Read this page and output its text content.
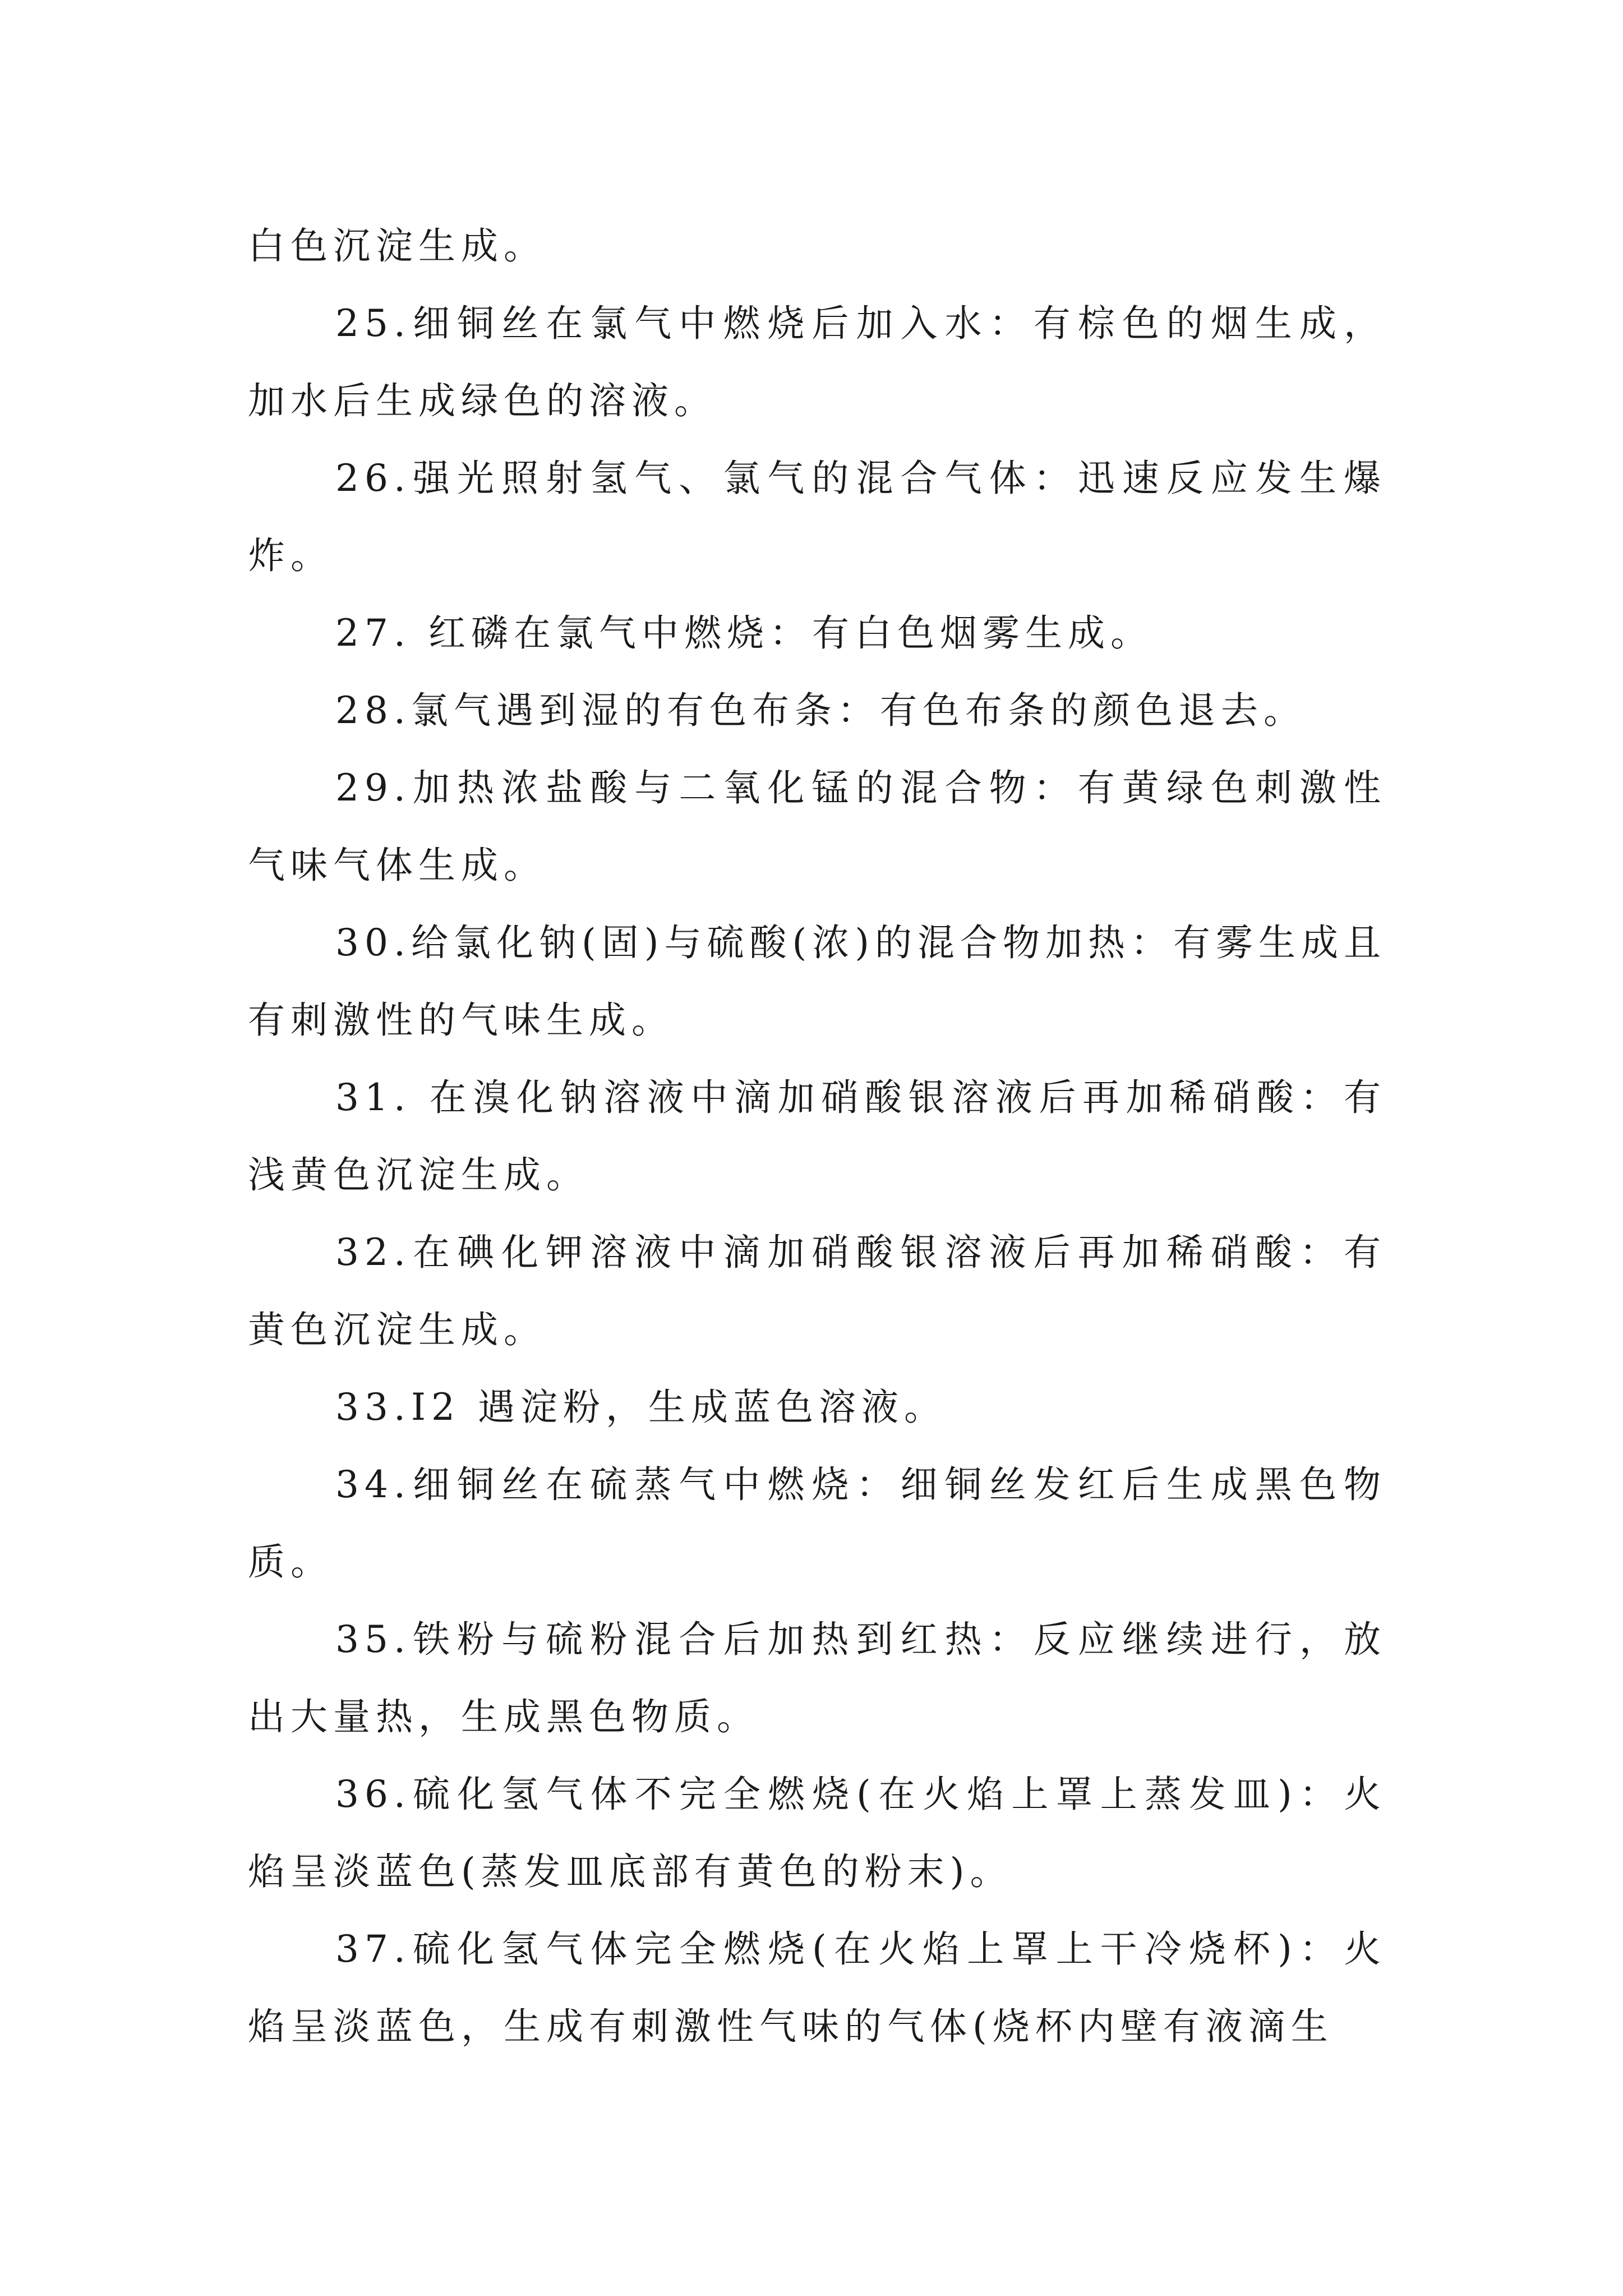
白色沉淀生成。

25.细铜丝在氯气中燃烧后加入水：有棕色的烟生成，加水后生成绿色的溶液。

26.强光照射氢气、氯气的混合气体：迅速反应发生爆炸。

27. 红磷在氯气中燃烧：有白色烟雾生成。

28.氯气遇到湿的有色布条：有色布条的颜色退去。

29.加热浓盐酸与二氧化锰的混合物：有黄绿色刺激性气味气体生成。

30.给氯化钠(固)与硫酸(浓)的混合物加热：有雾生成且有刺激性的气味生成。

31. 在溴化钠溶液中滴加硝酸银溶液后再加稀硝酸：有浅黄色沉淀生成。

32.在碘化钾溶液中滴加硝酸银溶液后再加稀硝酸：有黄色沉淀生成。

33.I2 遇淀粉，生成蓝色溶液。

34.细铜丝在硫蒸气中燃烧：细铜丝发红后生成黑色物质。

35.铁粉与硫粉混合后加热到红热：反应继续进行，放出大量热，生成黑色物质。

36.硫化氢气体不完全燃烧(在火焰上罩上蒸发皿)：火焰呈淡蓝色(蒸发皿底部有黄色的粉末)。

37.硫化氢气体完全燃烧(在火焰上罩上干冷烧杯)：火焰呈淡蓝色，生成有刺激性气味的气体(烧杯内壁有液滴生
